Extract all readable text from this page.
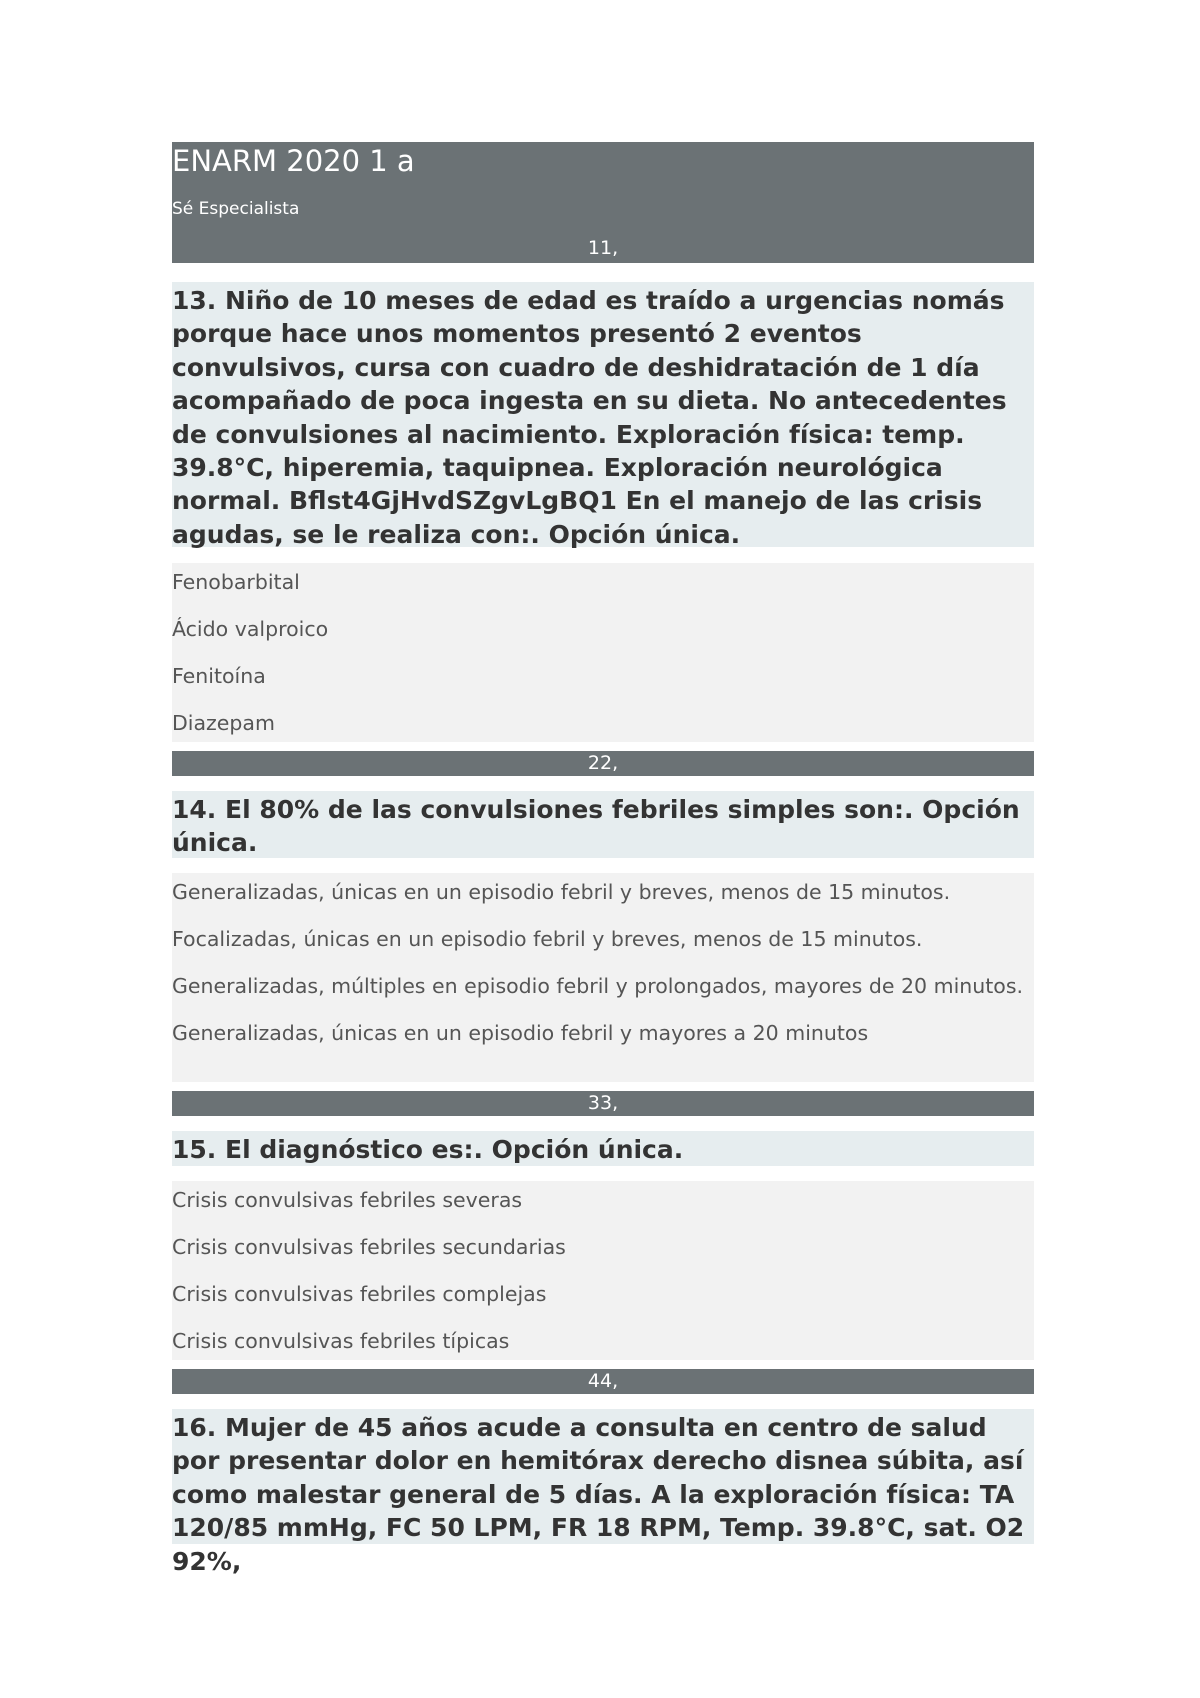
ENARM 2020 1 a
Sé Especialista
11,
13. Niño de 10 meses de edad es traído a urgencias nomás porque hace unos momentos presentó 2 eventos convulsivos, cursa con cuadro de deshidratación de 1 día acompañado de poca ingesta en su dieta. No antecedentes de convulsiones al nacimiento. Exploración física: temp. 39.8°C, hiperemia, taquipnea. Exploración neurológica normal. Bflst4GjHvdSZgvLgBQ1 En el manejo de las crisis agudas, se le realiza con:. Opción única.
Fenobarbital
Ácido valproico
Fenitoína
Diazepam
22,
14. El 80% de las convulsiones febriles simples son:. Opción única.
Generalizadas, únicas en un episodio febril y breves, menos de 15 minutos.
Focalizadas, únicas en un episodio febril y breves, menos de 15 minutos.
Generalizadas, múltiples en episodio febril y prolongados, mayores de 20 minutos.
Generalizadas, únicas en un episodio febril y mayores a 20 minutos
33,
15. El diagnóstico es:. Opción única.
Crisis convulsivas febriles severas
Crisis convulsivas febriles secundarias
Crisis convulsivas febriles complejas
Crisis convulsivas febriles típicas
44,
16. Mujer de 45 años acude a consulta en centro de salud por presentar dolor en hemitórax derecho disnea súbita, así como malestar general de 5 días. A la exploración física: TA 120/85 mmHg, FC 50 LPM, FR 18 RPM, Temp. 39.8°C, sat. O2 92%,
